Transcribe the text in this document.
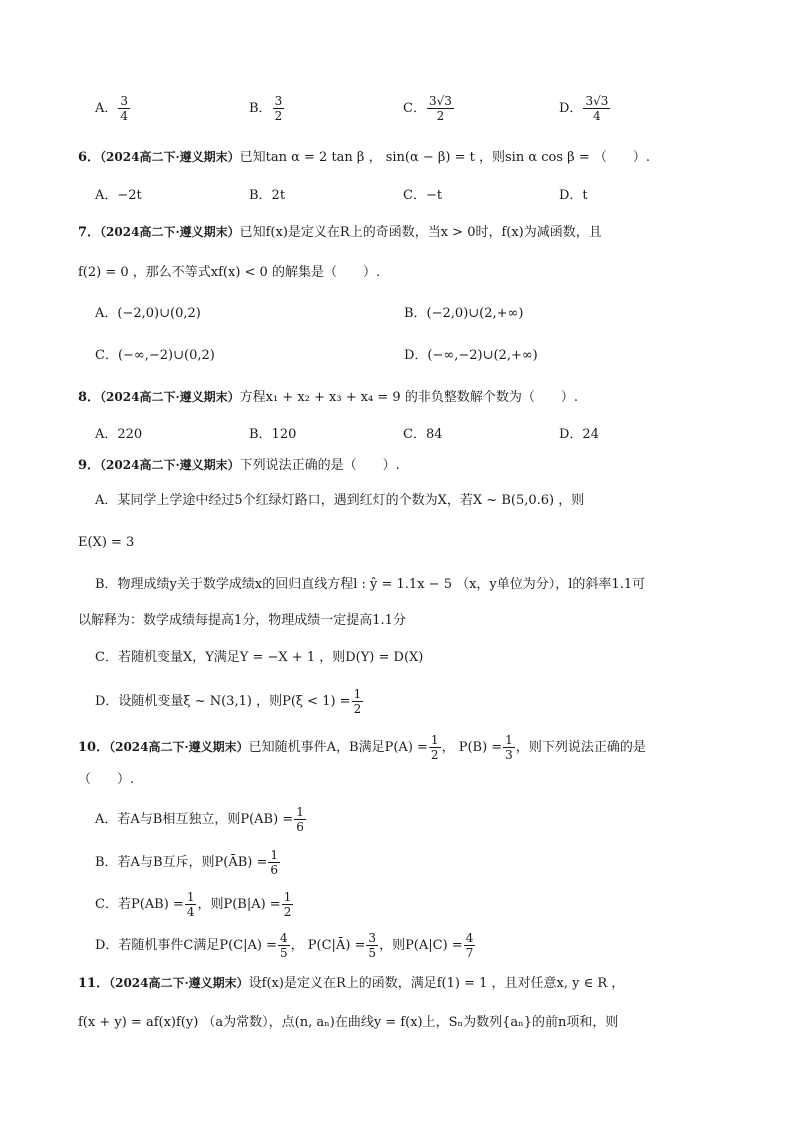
A． $\frac{3}{4}$	B． $\frac{3}{2}$	C． $\frac{3√3}{2}$	D． $\frac{3√3}{4}$
6．（2024高二下·遵义期末）已知tan α = 2 tan β ， sin(α − β) = t ，则sin α cos β = （　　）.
A．−2t	B．2t	C．−t	D．t
7．（2024高二下·遵义期末）已知f(x)是定义在R上的奇函数，当x > 0时，f(x)为减函数，且
f(2) = 0 ，那么不等式xf(x) < 0 的解集是（　　）.
A．(−2,0)∪(0,2)	B．(−2,0)∪(2,+∞)
C．(−∞,−2)∪(0,2)	D．(−∞,−2)∪(2,+∞)
8．（2024高二下·遵义期末）方程x₁ + x₂ + x₃ + x₄ = 9 的非负整数解个数为（　　）.
A．220	B．120	C．84	D．24
9．（2024高二下·遵义期末）下列说法正确的是（　　）.
A．某同学上学途中经过5个红绿灯路口，遇到红灯的个数为X，若X ~ B(5,0.6) ，则
E(X) = 3
B．物理成绩y关于数学成绩x的回归直线方程l : ŷ = 1.1x − 5 （x，y单位为分），l的斜率1.1可
以解释为：数学成绩每提高1分，物理成绩一定提高1.1分
C．若随机变量X，Y满足Y = −X + 1 ，则D(Y) = D(X)
D．设随机变量ξ ~ N(3,1) ，则$P(\xi < 1) = \frac{1}{2}$
10．（2024高二下·遵义期末）已知随机事件A，B满足$P(A) = \frac{1}{2}$ ， $P(B) = \frac{1}{3}$ ，则下列说法正确的是
（　　）.
A．若A与B相互独立，则$P(AB) = \frac{1}{6}$
B．若A与B互斥，则P(ĀB) = $\frac{1}{6}$
C．若$P(AB) = \frac{1}{4}$ ，则$P(B|A) = \frac{1}{2}$
D．若随机事件C满足$P(C|A) = \frac{4}{5}$ ， P(C|Ā) = $\frac{3}{5}$ ，则$P(A|C) = \frac{4}{7}$
11．（2024高二下·遵义期末）设f(x)是定义在R上的函数，满足f(1) = 1 ，且对任意x, y ∈ R ，
f(x + y) = af(x)f(y) （a为常数），点(n, aₙ)在曲线y = f(x)上，Sₙ为数列{aₙ}的前n项和，则
